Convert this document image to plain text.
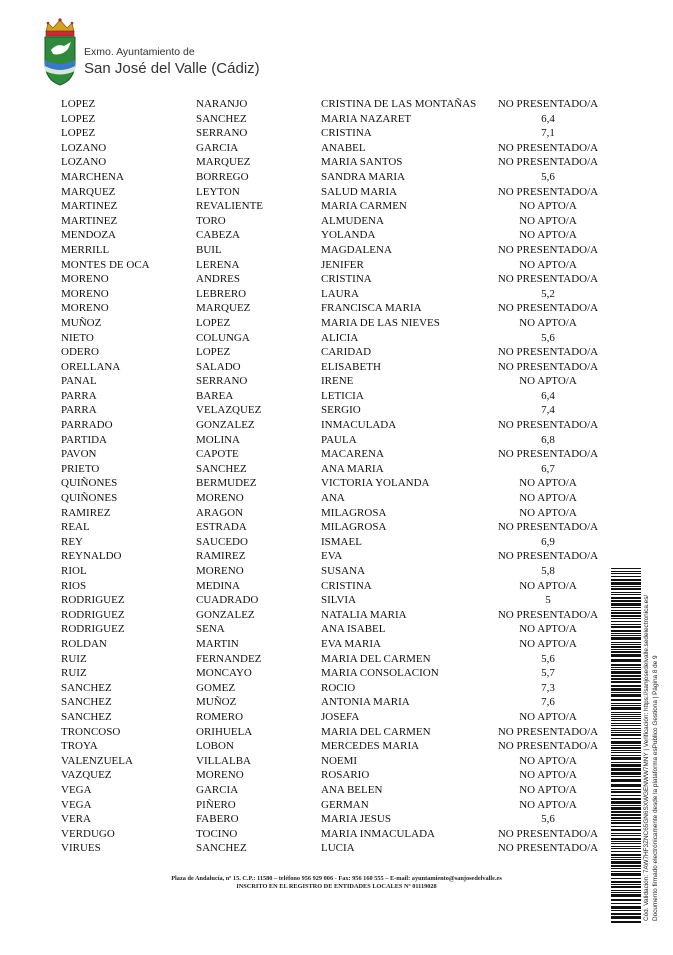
Exmo. Ayuntamiento de
San José del Valle (Cádiz)
LOPEZ	NARANJO	CRISTINA DE LAS MONTAÑAS	NO PRESENTADO/A
LOPEZ	SANCHEZ	MARIA NAZARET	6,4
LOPEZ	SERRANO	CRISTINA	7,1
LOZANO	GARCIA	ANABEL	NO PRESENTADO/A
LOZANO	MARQUEZ	MARIA SANTOS	NO PRESENTADO/A
MARCHENA	BORREGO	SANDRA MARIA	5,6
MARQUEZ	LEYTON	SALUD MARIA	NO PRESENTADO/A
MARTINEZ	REVALIENTE	MARIA CARMEN	NO APTO/A
MARTINEZ	TORO	ALMUDENA	NO APTO/A
MENDOZA	CABEZA	YOLANDA	NO APTO/A
MERRILL	BUIL	MAGDALENA	NO PRESENTADO/A
MONTES DE OCA	LERENA	JENIFER	NO APTO/A
MORENO	ANDRES	CRISTINA	NO PRESENTADO/A
MORENO	LEBRERO	LAURA	5,2
MORENO	MARQUEZ	FRANCISCA MARIA	NO PRESENTADO/A
MUÑOZ	LOPEZ	MARIA DE LAS NIEVES	NO APTO/A
NIETO	COLUNGA	ALICIA	5,6
ODERO	LOPEZ	CARIDAD	NO PRESENTADO/A
ORELLANA	SALADO	ELISABETH	NO PRESENTADO/A
PANAL	SERRANO	IRENE	NO APTO/A
PARRA	BAREA	LETICIA	6,4
PARRA	VELAZQUEZ	SERGIO	7,4
PARRADO	GONZALEZ	INMACULADA	NO PRESENTADO/A
PARTIDA	MOLINA	PAULA	6,8
PAVON	CAPOTE	MACARENA	NO PRESENTADO/A
PRIETO	SANCHEZ	ANA MARIA	6,7
QUIÑONES	BERMUDEZ	VICTORIA YOLANDA	NO APTO/A
QUIÑONES	MORENO	ANA	NO APTO/A
RAMIREZ	ARAGON	MILAGROSA	NO APTO/A
REAL	ESTRADA	MILAGROSA	NO PRESENTADO/A
REY	SAUCEDO	ISMAEL	6,9
REYNALDO	RAMIREZ	EVA	NO PRESENTADO/A
RIOL	MORENO	SUSANA	5,8
RIOS	MEDINA	CRISTINA	NO APTO/A
RODRIGUEZ	CUADRADO	SILVIA	5
RODRIGUEZ	GONZALEZ	NATALIA MARIA	NO PRESENTADO/A
RODRIGUEZ	SENA	ANA ISABEL	NO APTO/A
ROLDAN	MARTIN	EVA MARIA	NO APTO/A
RUIZ	FERNANDEZ	MARIA DEL CARMEN	5,6
RUIZ	MONCAYO	MARIA CONSOLACION	5,7
SANCHEZ	GOMEZ	ROCIO	7,3
SANCHEZ	MUÑOZ	ANTONIA MARIA	7,6
SANCHEZ	ROMERO	JOSEFA	NO APTO/A
TRONCOSO	ORIHUELA	MARIA DEL CARMEN	NO PRESENTADO/A
TROYA	LOBON	MERCEDES MARIA	NO PRESENTADO/A
VALENZUELA	VILLALBA	NOEMI	NO APTO/A
VAZQUEZ	MORENO	ROSARIO	NO APTO/A
VEGA	GARCIA	ANA BELEN	NO APTO/A
VEGA	PIÑERO	GERMAN	NO APTO/A
VERA	FABERO	MARIA JESUS	5,6
VERDUGO	TOCINO	MARIA INMACULADA	NO PRESENTADO/A
VIRUES	SANCHEZ	LUCIA	NO PRESENTADO/A
Plaza de Andalucía, nº 15. C.P.: 11580 – teléfono 956 929 006 - Fax: 956 160 555 – E-mail: ayuntamiento@sanjosedelvalle.es
INSCRITO EN EL REGISTRO DE ENTIDADES LOCALES Nº 01119028	Cód. Validación: 7AW7HF3ZNC65GN6SXWGENWW7MNY | Verificación: https://sanjosedelvalle.sedelectronica.es/ Documento firmado electrónicamente desde la plataforma esPublico Gestiona | Página 8 de 9
